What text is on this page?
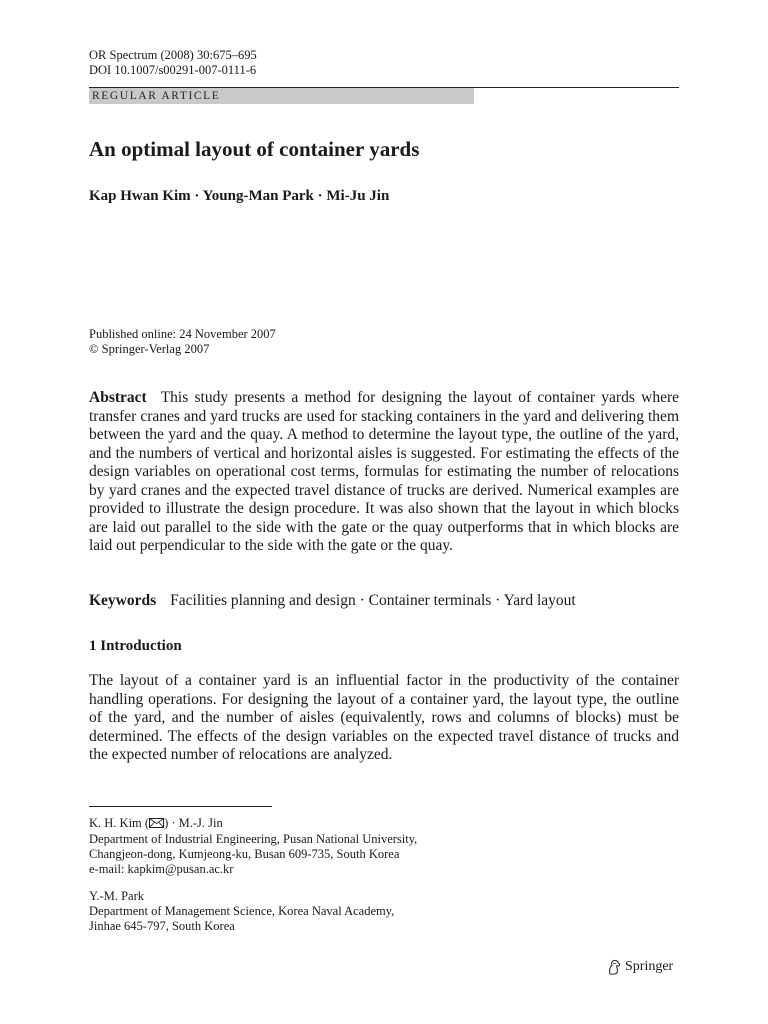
OR Spectrum (2008) 30:675–695
DOI 10.1007/s00291-007-0111-6
REGULAR ARTICLE
An optimal layout of container yards
Kap Hwan Kim · Young-Man Park · Mi-Ju Jin
Published online: 24 November 2007
© Springer-Verlag 2007
Abstract This study presents a method for designing the layout of container yards where transfer cranes and yard trucks are used for stacking containers in the yard and delivering them between the yard and the quay. A method to determine the layout type, the outline of the yard, and the numbers of vertical and horizontal aisles is suggested. For estimating the effects of the design variables on operational cost terms, formulas for estimating the number of relocations by yard cranes and the expected travel distance of trucks are derived. Numerical examples are provided to illustrate the design procedure. It was also shown that the layout in which blocks are laid out parallel to the side with the gate or the quay outperforms that in which blocks are laid out perpendicular to the side with the gate or the quay.
Keywords Facilities planning and design · Container terminals · Yard layout
1 Introduction
The layout of a container yard is an influential factor in the productivity of the container handling operations. For designing the layout of a container yard, the layout type, the outline of the yard, and the number of aisles (equivalently, rows and columns of blocks) must be determined. The effects of the design variables on the expected travel distance of trucks and the expected number of relocations are analyzed.
K. H. Kim ( ) · M.-J. Jin
Department of Industrial Engineering, Pusan National University,
Changjeon-dong, Kumjeong-ku, Busan 609-735, South Korea
e-mail: kapkim@pusan.ac.kr
Y.-M. Park
Department of Management Science, Korea Naval Academy,
Jinhae 645-797, South Korea
Springer
